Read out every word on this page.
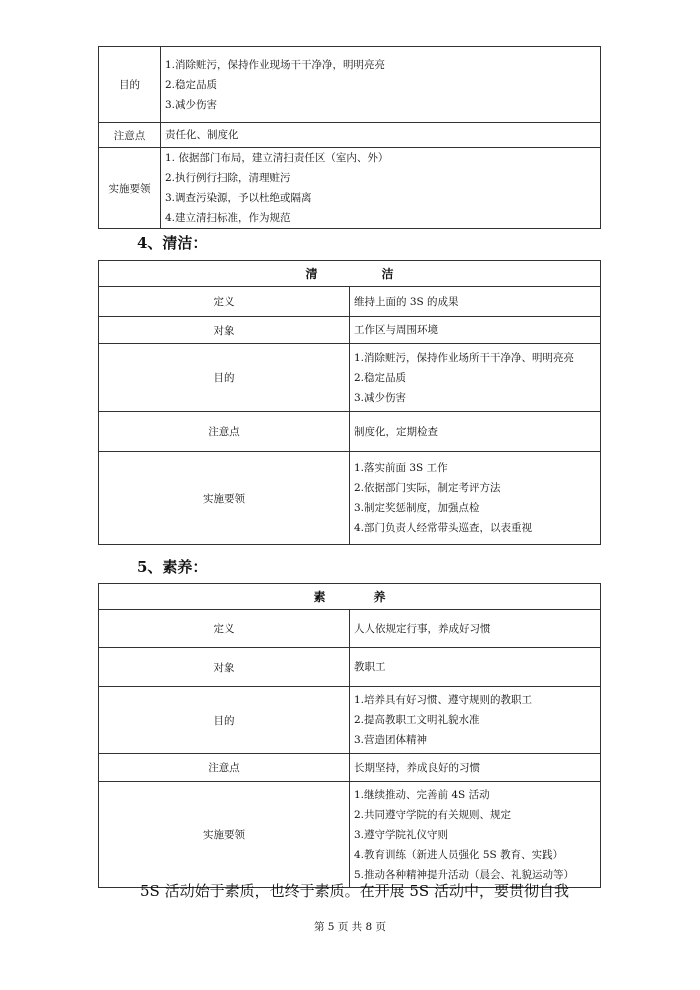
目的	1.消除赃污，保持作业现场干干净净，明明亮亮
2.稳定品质
3.减少伤害

注意点	责任化、制度化

实施要领	1. 依据部门布局，建立清扫责任区（室内、外）
2.执行例行扫除，清理赃污
3.调查污染源，予以杜绝或隔离
4.建立清扫标准，作为规范
4、清洁：
清 洁	
定义	维持上面的 3S 的成果

对象	工作区与周围环境

目的	1.消除赃污，保持作业场所干干净净、明明亮亮
2.稳定品质
3.减少伤害

注意点	制度化，定期检查

实施要领	1.落实前面 3S 工作
2.依据部门实际，制定考评方法
3.制定奖惩制度，加强点检
4.部门负责人经常带头巡查，以表重视
5、素养：
素 养	
定义	人人依规定行事，养成好习惯

对象	教职工

目的	1.培养具有好习惯、遵守规则的教职工
2.提高教职工文明礼貌水准
3.营造团体精神

注意点	长期坚持，养成良好的习惯

实施要领	1.继续推动、完善前 4S 活动
2.共同遵守学院的有关规则、规定
3.遵守学院礼仪守则
4.教育训练（新进人员强化 5S 教育、实践）
5.推动各种精神提升活动（晨会、礼貌运动等）
5S 活动始于素质，也终于素质。在开展 5S 活动中，要贯彻自我
第 5 页 共 8 页
